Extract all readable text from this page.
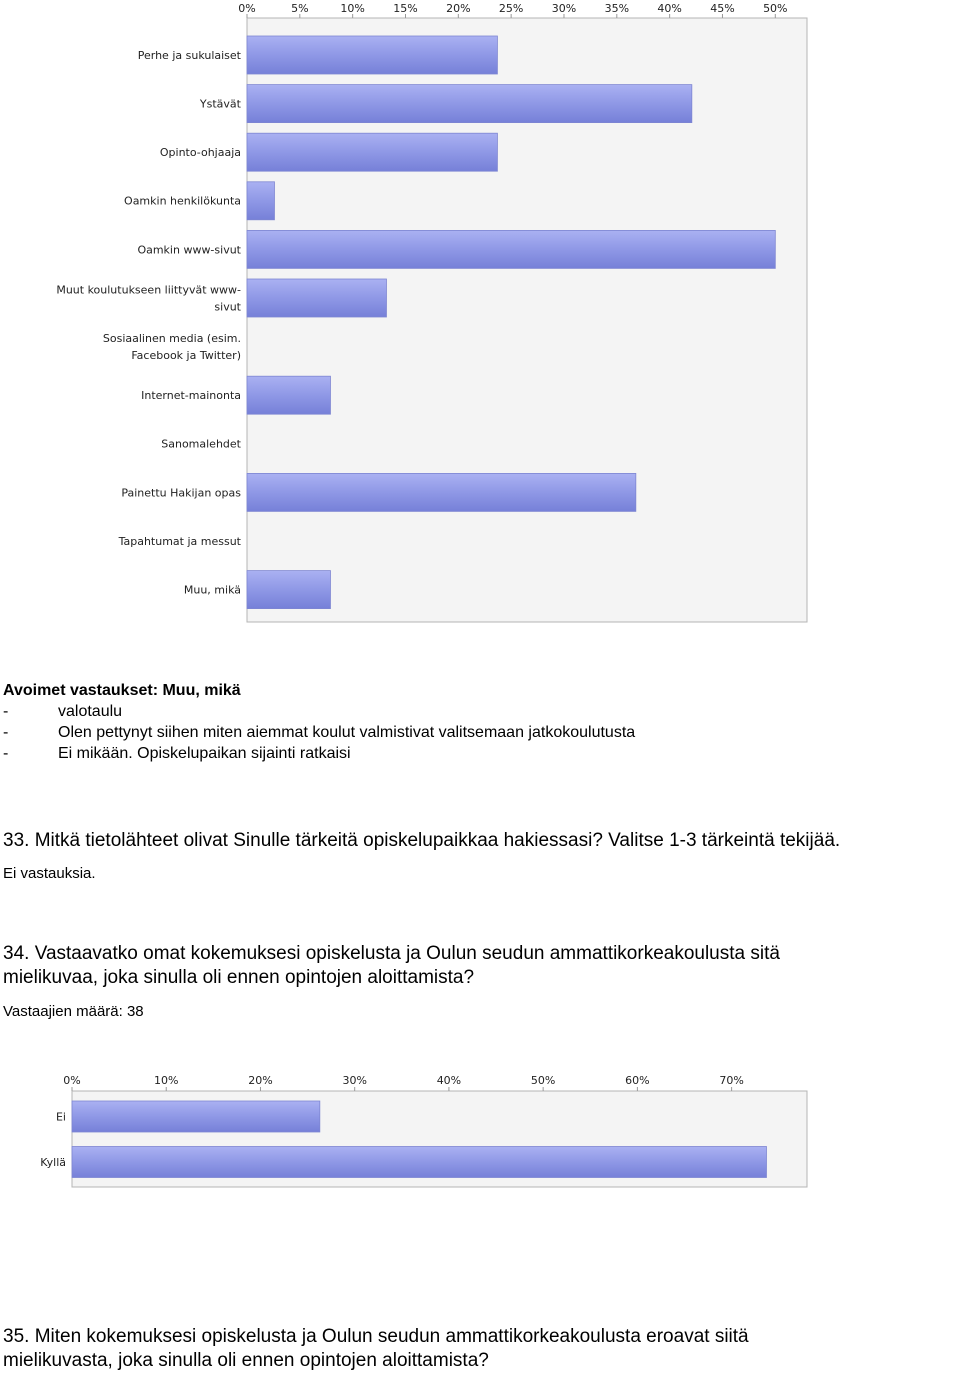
0%	5%	10%	15%	20%	25%	30%	35%	40%	45%	50%
Perhe ja sukulaiset
Ystävät
Opinto-ohjaaja
Oamkin henkilökunta
Oamkin www-sivut
Muut koulutukseen liittyvät www-
sivut
Sosiaalinen media (esim.
Facebook ja Twitter)
Internet-mainonta
Sanomalehdet
Painettu Hakijan opas
Tapahtumat ja messut
Muu, mikä
Avoimet vastaukset: Muu, mikä
-	valotaulu
-	Olen pettynyt siihen miten aiemmat koulut valmistivat valitsemaan jatkokoulutusta
-	Ei mikään. Opiskelupaikan sijainti ratkaisi
33. Mitkä tietolähteet olivat Sinulle tärkeitä opiskelupaikkaa hakiessasi? Valitse 1-3 tärkeintä tekijää.
Ei vastauksia.
34. Vastaavatko omat kokemuksesi opiskelusta ja Oulun seudun ammattikorkeakoulusta sitä
mielikuvaa, joka sinulla oli ennen opintojen aloittamista?
Vastaajien määrä: 38
0%	10%	20%	30%	40%	50%	60%	70%
Ei
Kyllä
35. Miten kokemuksesi opiskelusta ja Oulun seudun ammattikorkeakoulusta eroavat siitä
mielikuvasta, joka sinulla oli ennen opintojen aloittamista?
